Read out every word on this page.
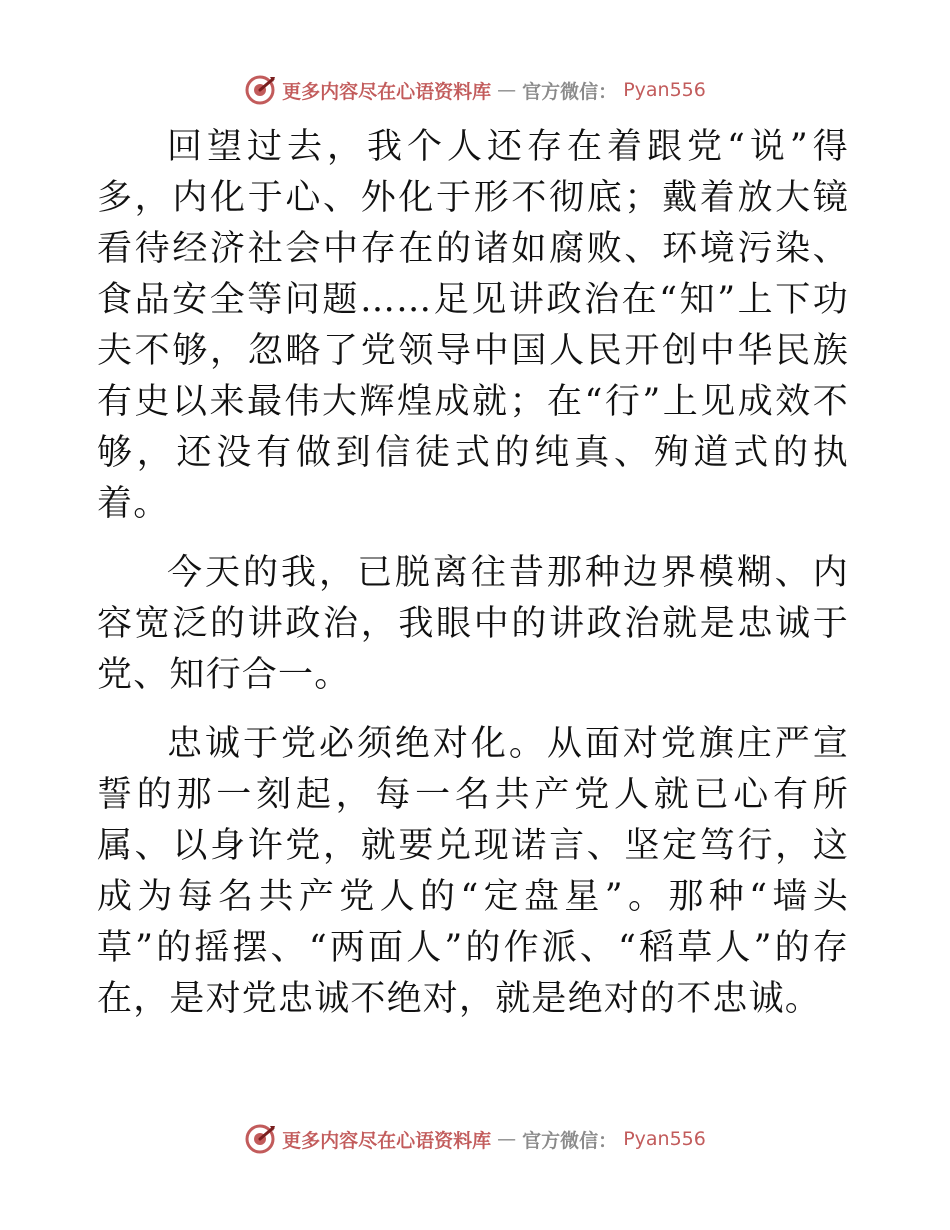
更多内容尽在心语资料库 — 官方微信： Pyan556

回望过去，我个人还存在着跟党“说”得多，内化于心、外化于形不彻底；戴着放大镜看待经济社会中存在的诸如腐败、环境污染、食品安全等问题……足见讲政治在“知”上下功夫不够，忽略了党领导中国人民开创中华民族有史以来最伟大辉煌成就；在“行”上见成效不够，还没有做到信徒式的纯真、殉道式的执着。

今天的我，已脱离往昔那种边界模糊、内容宽泛的讲政治，我眼中的讲政治就是忠诚于党、知行合一。

忠诚于党必须绝对化。从面对党旗庄严宣誓的那一刻起，每一名共产党人就已心有所属、以身许党，就要兑现诺言、坚定笃行，这成为每名共产党人的“定盘星”。那种“墙头草”的摇摆、“两面人”的作派、“稻草人”的存在，是对党忠诚不绝对，就是绝对的不忠诚。

更多内容尽在心语资料库 — 官方微信： Pyan556
